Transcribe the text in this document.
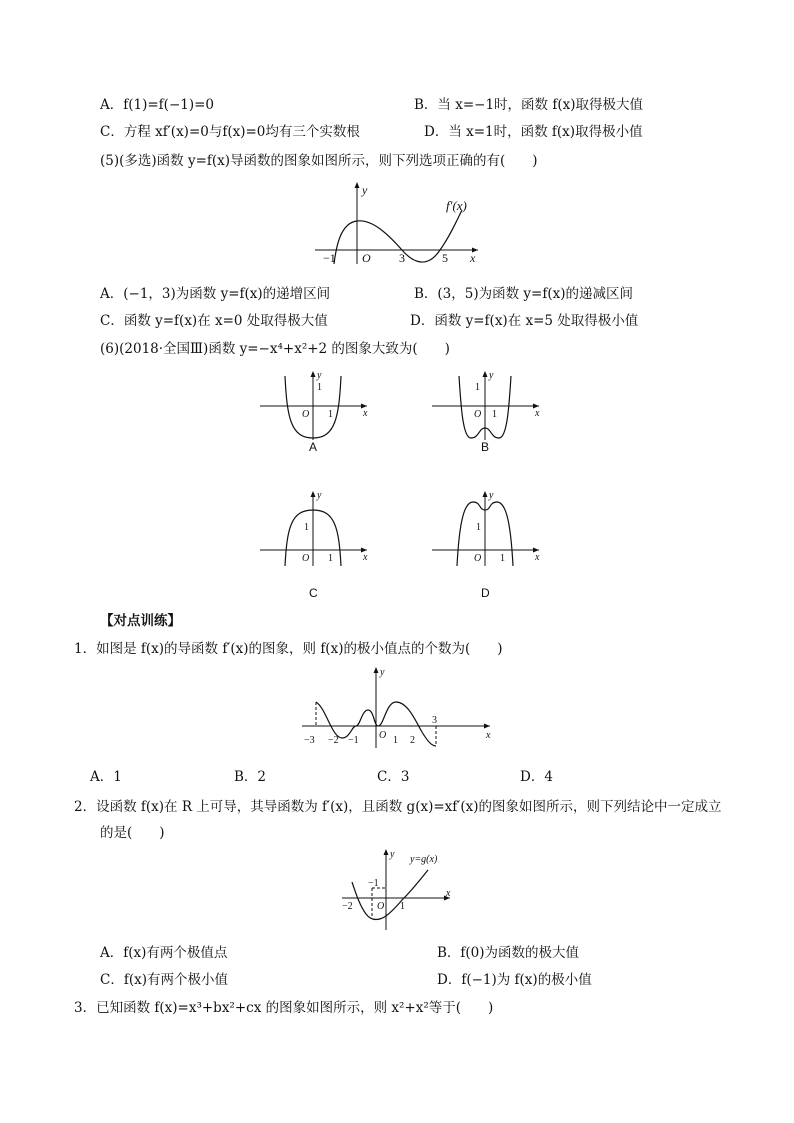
A．f(1)=f(−1)=0	B．当 x=−1时，函数 f(x)取得极大值
C．方程 xf′(x)=0与f(x)=0均有三个实数根	D．当 x=1时，函数 f(x)取得极小值
(5)(多选)函数 y=f(x)导函数的图象如图所示，则下列选项正确的有(　　)
y
x
f′(x)
O
−1	3	5
A．(−1，3)为函数 y=f(x)的递增区间	B．(3，5)为函数 y=f(x)的递减区间
C．函数 y=f(x)在 x=0 处取得极大值	D．函数 y=f(x)在 x=5 处取得极小值
(6)(2018·全国Ⅲ)函数 y=−x⁴+x²+2 的图象大致为(　　)
y
x
1
O 1
A
y
x
1
O 1
B
y
x
1
O 1
C
y
x
1
O 1
D
【对点训练】
1．如图是 f(x)的导函数 f′(x)的图象，则 f(x)的极小值点的个数为(　　)
y
x
O
−3 −2 −1	1 2
3
A．1	B．2	C．3	D．4
2．设函数 f(x)在 R 上可导，其导函数为 f′(x)，且函数 g(x)=xf′(x)的图象如图所示，则下列结论中一定成立
的是(　　)
y
x
y=g(x)
O
−2
−1
1
A．f(x)有两个极值点	B．f(0)为函数的极大值
C．f(x)有两个极小值	D．f(−1)为 f(x)的极小值
3．已知函数 f(x)=x³+bx²+cx 的图象如图所示，则 x²+x²等于(　　)
